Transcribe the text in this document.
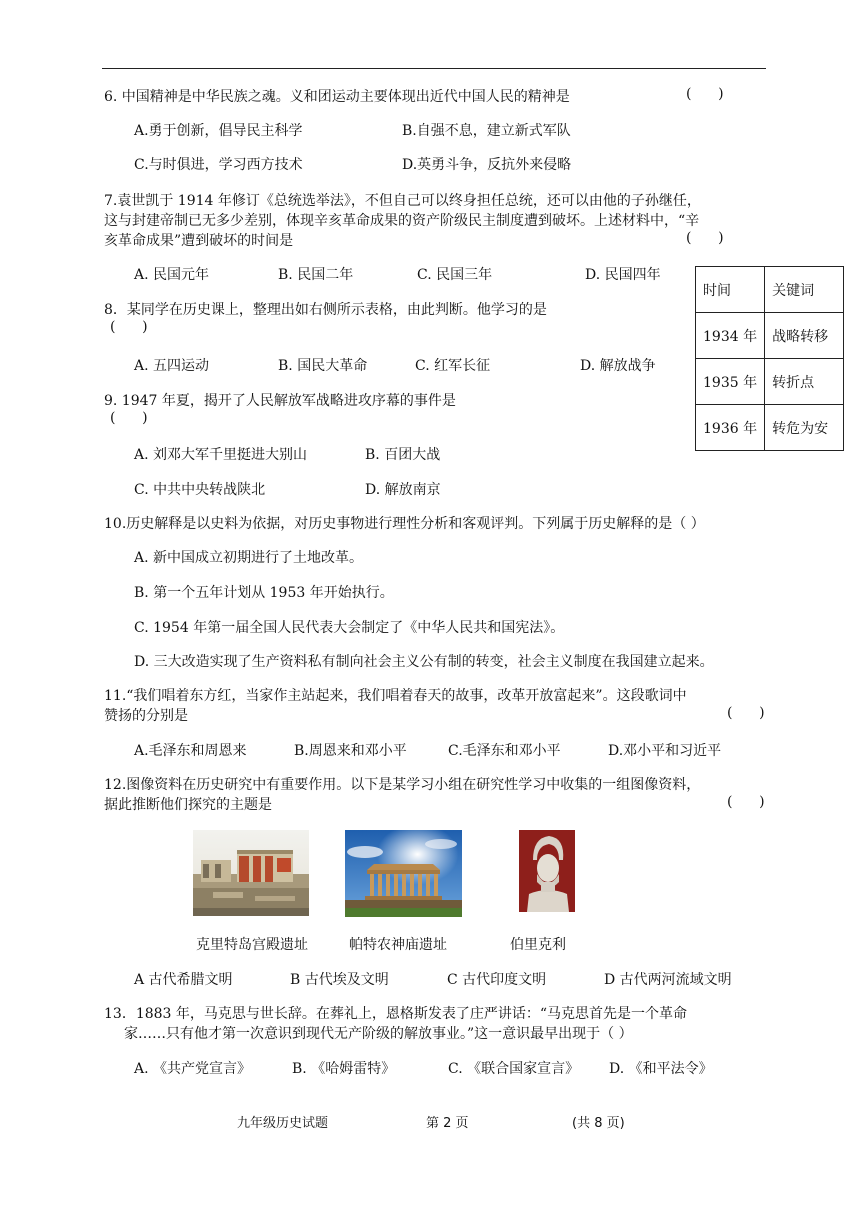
6. 中国精神是中华民族之魂。义和团运动主要体现出近代中国人民的精神是	(      )
A.勇于创新，倡导民主科学	B.自强不息，建立新式军队
C.与时俱进，学习西方技术	D.英勇斗争，反抗外来侵略
7.袁世凯于 1914 年修订《总统选举法》，不但自己可以终身担任总统，还可以由他的子孙继任，
这与封建帝制已无多少差别，体现辛亥革命成果的资产阶级民主制度遭到破坏。上述材料中，“辛
亥革命成果”遭到破坏的时间是	(      )
A. 民国元年	B. 民国二年	C. 民国三年	D. 民国四年
8．某同学在历史课上，整理出如右侧所示表格，由此判断。他学习的是
(      )
A. 五四运动	B. 国民大革命	C. 红军长征	D. 解放战争
时间	关键词
1934 年	战略转移
1935 年	转折点
1936 年	转危为安
9. 1947 年夏，揭开了人民解放军战略进攻序幕的事件是
(      )
A. 刘邓大军千里挺进大别山	B. 百团大战
C. 中共中央转战陕北	D. 解放南京
10.历史解释是以史料为依据，对历史事物进行理性分析和客观评判。下列属于历史解释的是（ ）
A. 新中国成立初期进行了土地改革。
B. 第一个五年计划从 1953 年开始执行。
C. 1954 年第一届全国人民代表大会制定了《中华人民共和国宪法》。
D. 三大改造实现了生产资料私有制向社会主义公有制的转变，社会主义制度在我国建立起来。
11.“我们唱着东方红，当家作主站起来，我们唱着春天的故事，改革开放富起来”。这段歌词中
赞扬的分别是	(      )
A.毛泽东和周恩来	B.周恩来和邓小平	C.毛泽东和邓小平	D.邓小平和习近平
12.图像资料在历史研究中有重要作用。以下是某学习小组在研究性学习中收集的一组图像资料，
据此推断他们探究的主题是	(      )
克里特岛宫殿遗址	帕特农神庙遗址	伯里克利
A 古代希腊文明	B 古代埃及文明	C 古代印度文明	D 古代两河流域文明
13．1883 年，马克思与世长辞。在葬礼上，恩格斯发表了庄严讲话：“马克思首先是一个革命
家……只有他才第一次意识到现代无产阶级的解放事业。”这一意识最早出现于（ ）
A. 《共产党宣言》	B. 《哈姆雷特》	C. 《联合国家宣言》 D. 《和平法令》
九年级历史试题	第 2 页	(共 8 页)
